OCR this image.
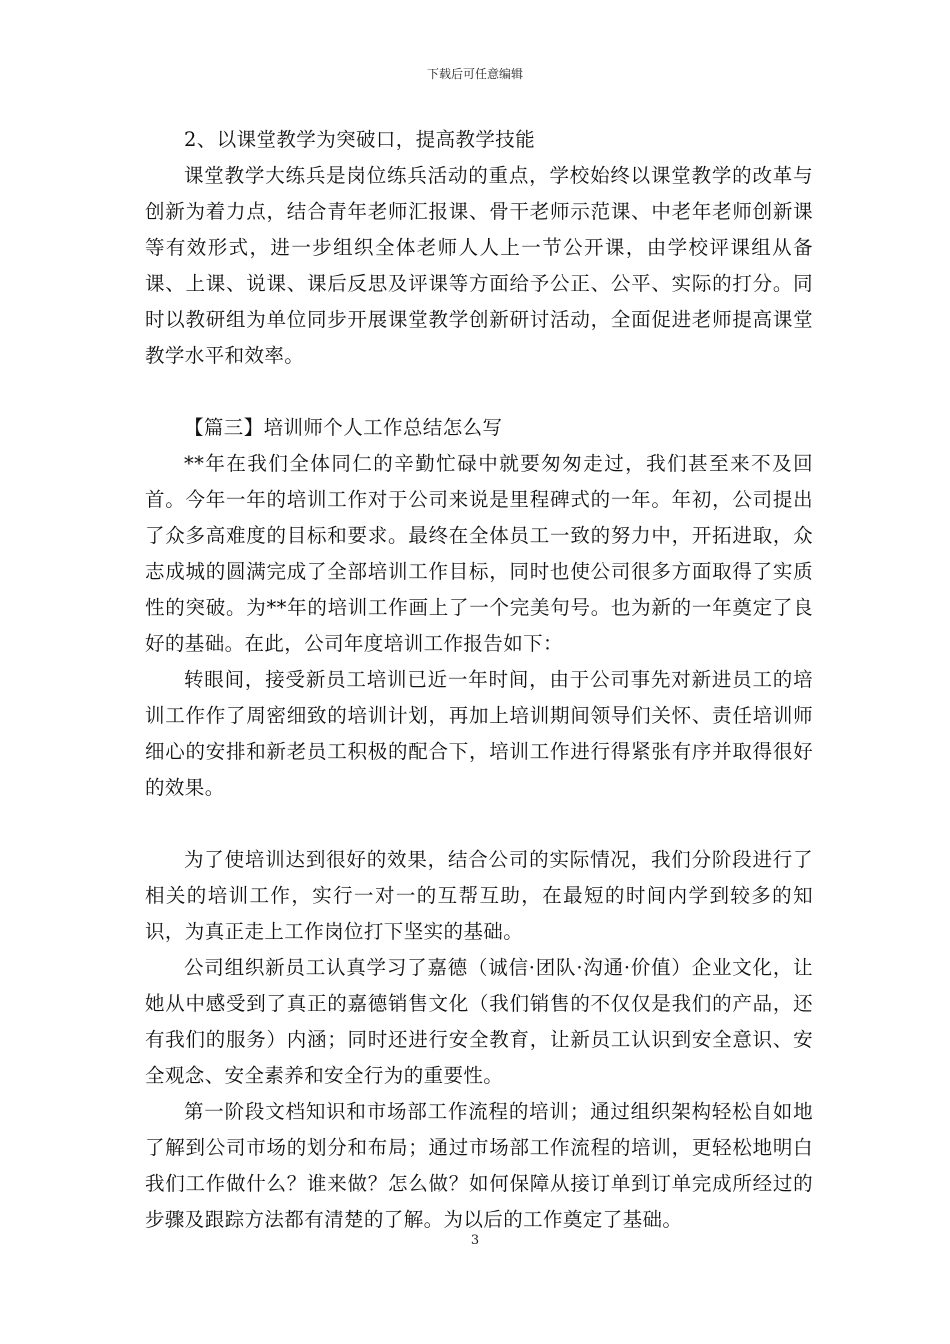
下载后可任意编辑

2、以课堂教学为突破口，提高教学技能

课堂教学大练兵是岗位练兵活动的重点，学校始终以课堂教学的改革与创新为着力点，结合青年老师汇报课、骨干老师示范课、中老年老师创新课等有效形式，进一步组织全体老师人人上一节公开课，由学校评课组从备课、上课、说课、课后反思及评课等方面给予公正、公平、实际的打分。同时以教研组为单位同步开展课堂教学创新研讨活动，全面促进老师提高课堂教学水平和效率。

【篇三】培训师个人工作总结怎么写

**年在我们全体同仁的辛勤忙碌中就要匆匆走过，我们甚至来不及回首。今年一年的培训工作对于公司来说是里程碑式的一年。年初，公司提出了众多高难度的目标和要求。最终在全体员工一致的努力中，开拓进取，众志成城的圆满完成了全部培训工作目标，同时也使公司很多方面取得了实质性的突破。为**年的培训工作画上了一个完美句号。也为新的一年奠定了良好的基础。在此，公司年度培训工作报告如下：

转眼间，接受新员工培训已近一年时间，由于公司事先对新进员工的培训工作作了周密细致的培训计划，再加上培训期间领导们关怀、责任培训师细心的安排和新老员工积极的配合下，培训工作进行得紧张有序并取得很好的效果。

为了使培训达到很好的效果，结合公司的实际情况，我们分阶段进行了相关的培训工作，实行一对一的互帮互助，在最短的时间内学到较多的知识，为真正走上工作岗位打下坚实的基础。

公司组织新员工认真学习了嘉德（诚信·团队·沟通·价值）企业文化，让她从中感受到了真正的嘉德销售文化（我们销售的不仅仅是我们的产品，还有我们的服务）内涵；同时还进行安全教育，让新员工认识到安全意识、安全观念、安全素养和安全行为的重要性。

第一阶段文档知识和市场部工作流程的培训；通过组织架构轻松自如地了解到公司市场的划分和布局；通过市场部工作流程的培训，更轻松地明白我们工作做什么？谁来做？怎么做？如何保障从接订单到订单完成所经过的步骤及跟踪方法都有清楚的了解。为以后的工作奠定了基础。

3
